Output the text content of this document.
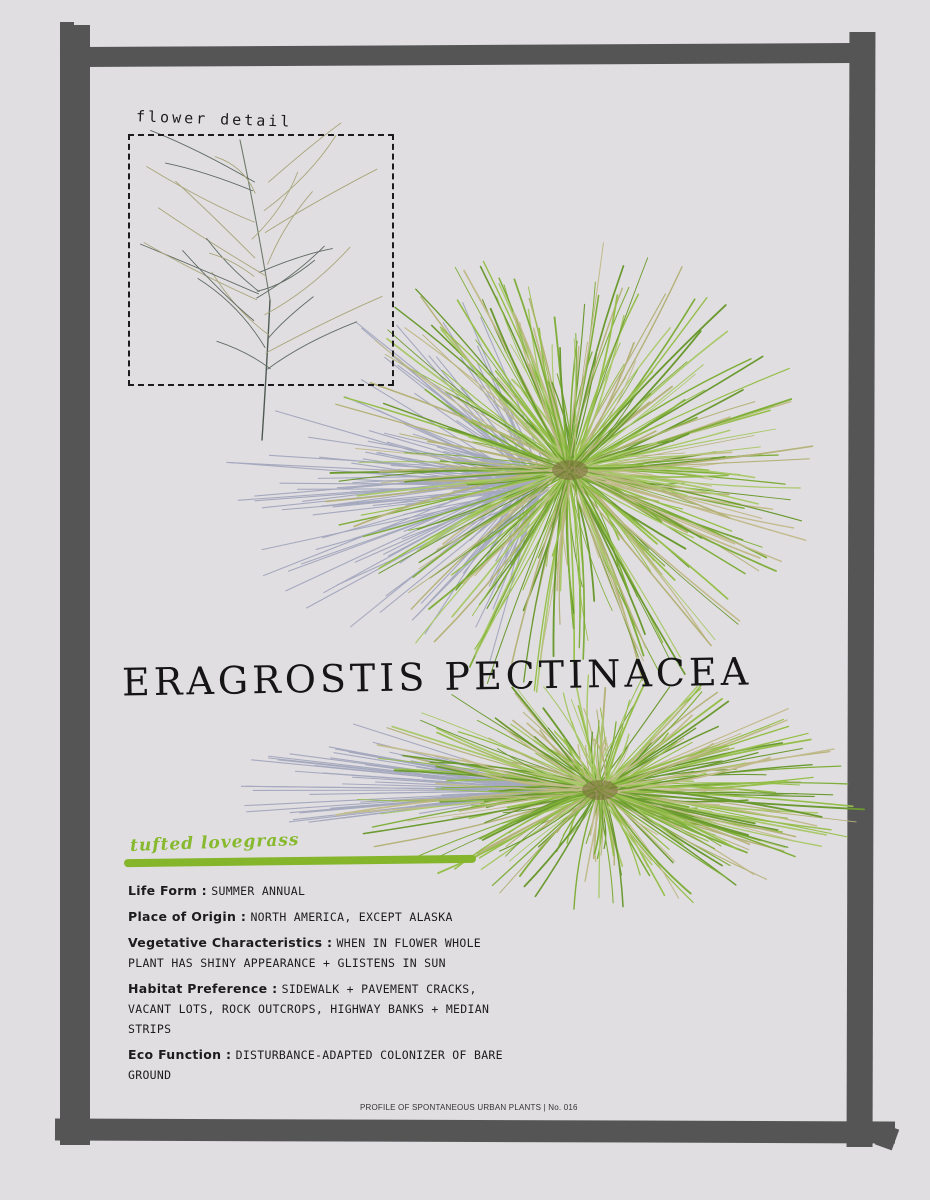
flower detail
ERAGROSTIS PECTINACEA
tufted lovegrass
Life Form : SUMMER ANNUAL
Place of Origin : NORTH AMERICA, EXCEPT ALASKA
Vegetative Characteristics : WHEN IN FLOWER WHOLE PLANT HAS SHINY APPEARANCE + GLISTENS IN SUN
Habitat Preference : SIDEWALK + PAVEMENT CRACKS, VACANT LOTS, ROCK OUTCROPS, HIGHWAY BANKS + MEDIAN STRIPS
Eco Function : DISTURBANCE-ADAPTED COLONIZER OF BARE GROUND
PROFILE OF SPONTANEOUS URBAN PLANTS | No. 016
